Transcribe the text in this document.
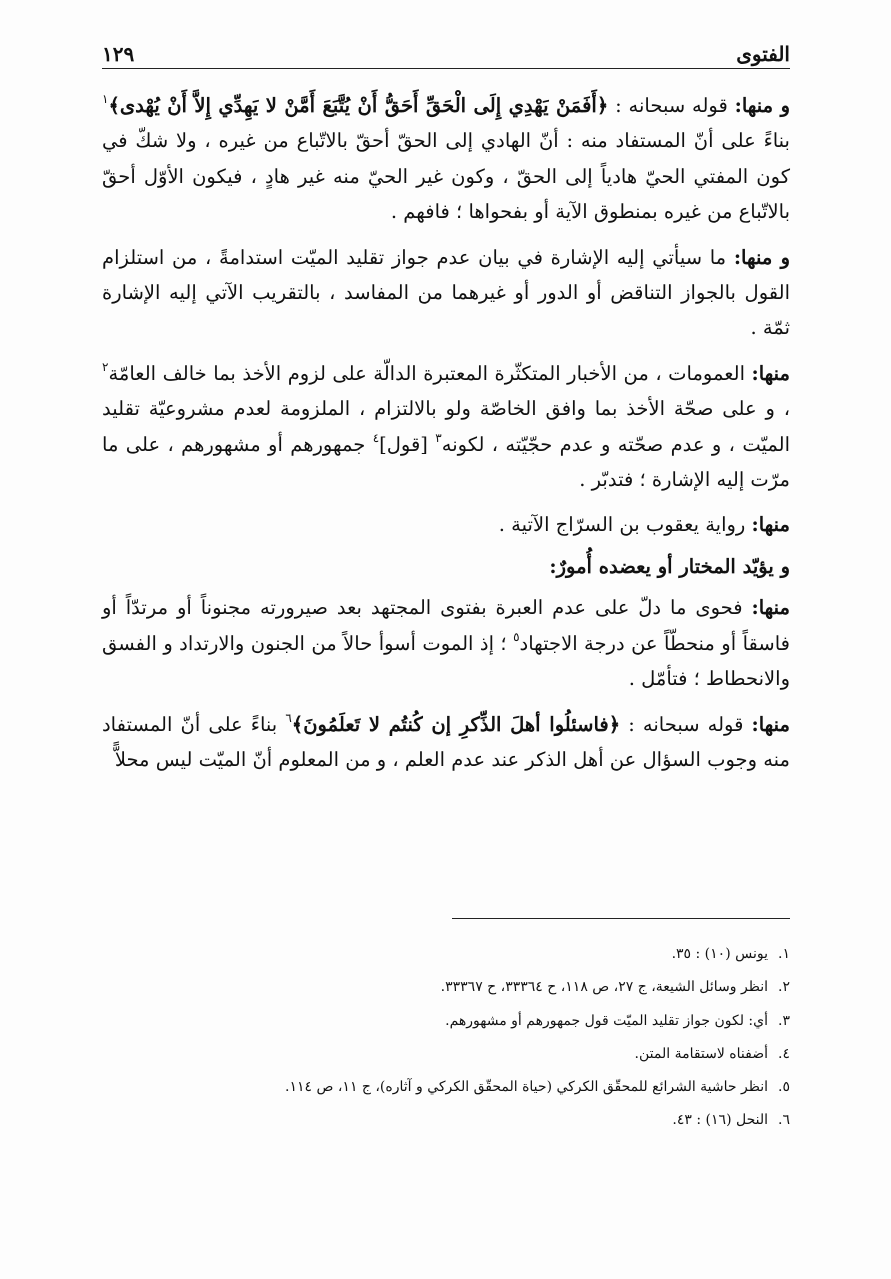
١٢٩	الفتوى

و منها: قوله سبحانه : ﴿أَفَمَنْ يَهْدِي إِلَى الْحَقِّ أَحَقُّ أَنْ يُتَّبَعَ أَمَّنْ لا يَهِدِّي إِلاَّ أَنْ يُهْدى﴾$^١$ بناءً على أنّ المستفاد منه : أنّ الهادي إلى الحقّ أحقّ بالاتّباع من غيره ، ولا شكّ في كون المفتي الحيّ هادياً إلى الحقّ ، وكون غير الحيّ منه غير هادٍ ، فيكون الأوّل أحقّ بالاتّباع من غيره بمنطوق الآية أو بفحواها ؛ فافهم .

و منها: ما سيأتي إليه الإشارة في بيان عدم جواز تقليد الميّت استدامةً ، من استلزام القول بالجواز التناقض أو الدور أو غيرهما من المفاسد ، بالتقريب الآتي إليه الإشارة ثمّة .

منها: العمومات ، من الأخبار المتكثّرة المعتبرة الدالّة على لزوم الأخذ بما خالف العامّة$^٢$ ، و على صحّة الأخذ بما وافق الخاصّة ولو بالالتزام ، الملزومة لعدم مشروعيّة تقليد الميّت ، و عدم صحّته و عدم حجّيّته ، لكونه$^٣$ [قول]$^٤$ جمهورهم أو مشهورهم ، على ما مرّت إليه الإشارة ؛ فتدبّر .

منها: رواية يعقوب بن السرّاج الآتية .

و يؤيّد المختار أو يعضده أُمورٌ:

منها: فحوى ما دلّ على عدم العبرة بفتوى المجتهد بعد صيرورته مجنوناً أو مرتدّاً أو فاسقاً أو منحطّاً عن درجة الاجتهاد$^٥$ ؛ إذ الموت أسوأ حالاً من الجنون والارتداد و الفسق والانحطاط ؛ فتأمّل .

منها: قوله سبحانه : ﴿فاسئلُوا أهلَ الذِّكرِ إن كُنتُم لا تَعلَمُونَ﴾$^٦$ بناءً على أنّ المستفاد منه وجوب السؤال عن أهل الذكر عند عدم العلم ، و من المعلوم أنّ الميّت ليس محلاًّ

١.
يونس (١٠) : ٣٥.
٢.
انظر وسائل الشيعة، ج ٢٧، ص ١١٨، ح ٣٣٣٦٤، ح ٣٣٣٦٧.
٣.
أي: لكون جواز تقليد الميّت قول جمهورهم أو مشهورهم.
٤.
أضفناه لاستقامة المتن.
٥.
انظر حاشية الشرائع للمحقّق الكركي (حياة المحقّق الكركي و آثاره)، ج ١١، ص ١١٤.
٦.
النحل (١٦) : ٤٣.
